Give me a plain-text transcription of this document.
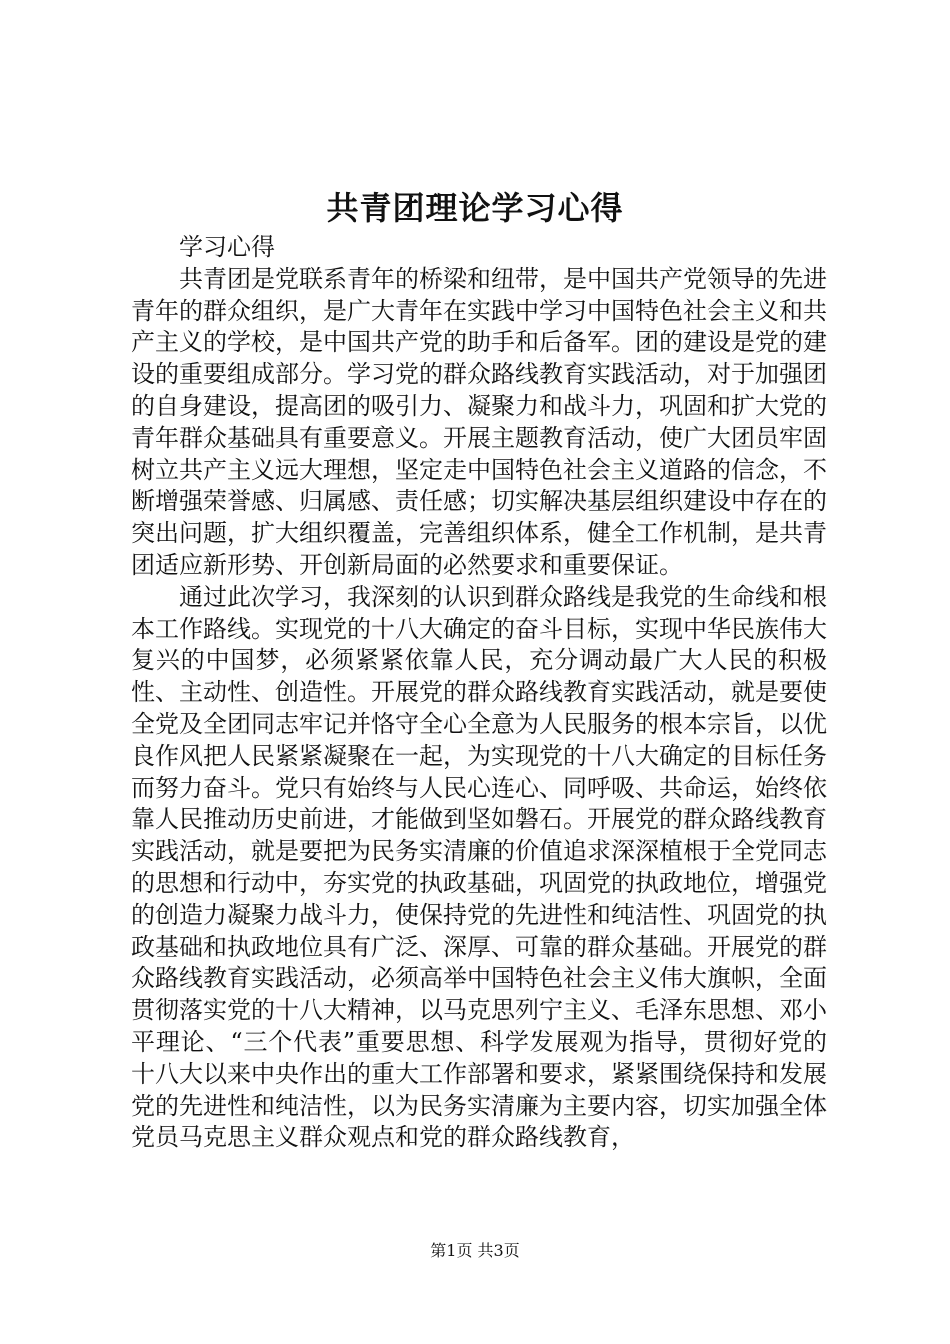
共青团理论学习心得

学习心得

共青团是党联系青年的桥梁和纽带，是中国共产党领导的先进青年的群众组织，是广大青年在实践中学习中国特色社会主义和共产主义的学校，是中国共产党的助手和后备军。团的建设是党的建设的重要组成部分。学习党的群众路线教育实践活动，对于加强团的自身建设，提高团的吸引力、凝聚力和战斗力，巩固和扩大党的青年群众基础具有重要意义。开展主题教育活动，使广大团员牢固树立共产主义远大理想，坚定走中国特色社会主义道路的信念，不断增强荣誉感、归属感、责任感；切实解决基层组织建设中存在的突出问题，扩大组织覆盖，完善组织体系，健全工作机制，是共青团适应新形势、开创新局面的必然要求和重要保证。

通过此次学习，我深刻的认识到群众路线是我党的生命线和根本工作路线。实现党的十八大确定的奋斗目标，实现中华民族伟大复兴的中国梦，必须紧紧依靠人民，充分调动最广大人民的积极性、主动性、创造性。开展党的群众路线教育实践活动，就是要使全党及全团同志牢记并恪守全心全意为人民服务的根本宗旨，以优良作风把人民紧紧凝聚在一起，为实现党的十八大确定的目标任务而努力奋斗。党只有始终与人民心连心、同呼吸、共命运，始终依靠人民推动历史前进，才能做到坚如磐石。开展党的群众路线教育实践活动，就是要把为民务实清廉的价值追求深深植根于全党同志的思想和行动中，夯实党的执政基础，巩固党的执政地位，增强党的创造力凝聚力战斗力，使保持党的先进性和纯洁性、巩固党的执政基础和执政地位具有广泛、深厚、可靠的群众基础。开展党的群众路线教育实践活动，必须高举中国特色社会主义伟大旗帜，全面贯彻落实党的十八大精神，以马克思列宁主义、毛泽东思想、邓小平理论、“三个代表”重要思想、科学发展观为指导，贯彻好党的十八大以来中央作出的重大工作部署和要求，紧紧围绕保持和发展党的先进性和纯洁性，以为民务实清廉为主要内容，切实加强全体党员马克思主义群众观点和党的群众路线教育，

第1页 共3页
